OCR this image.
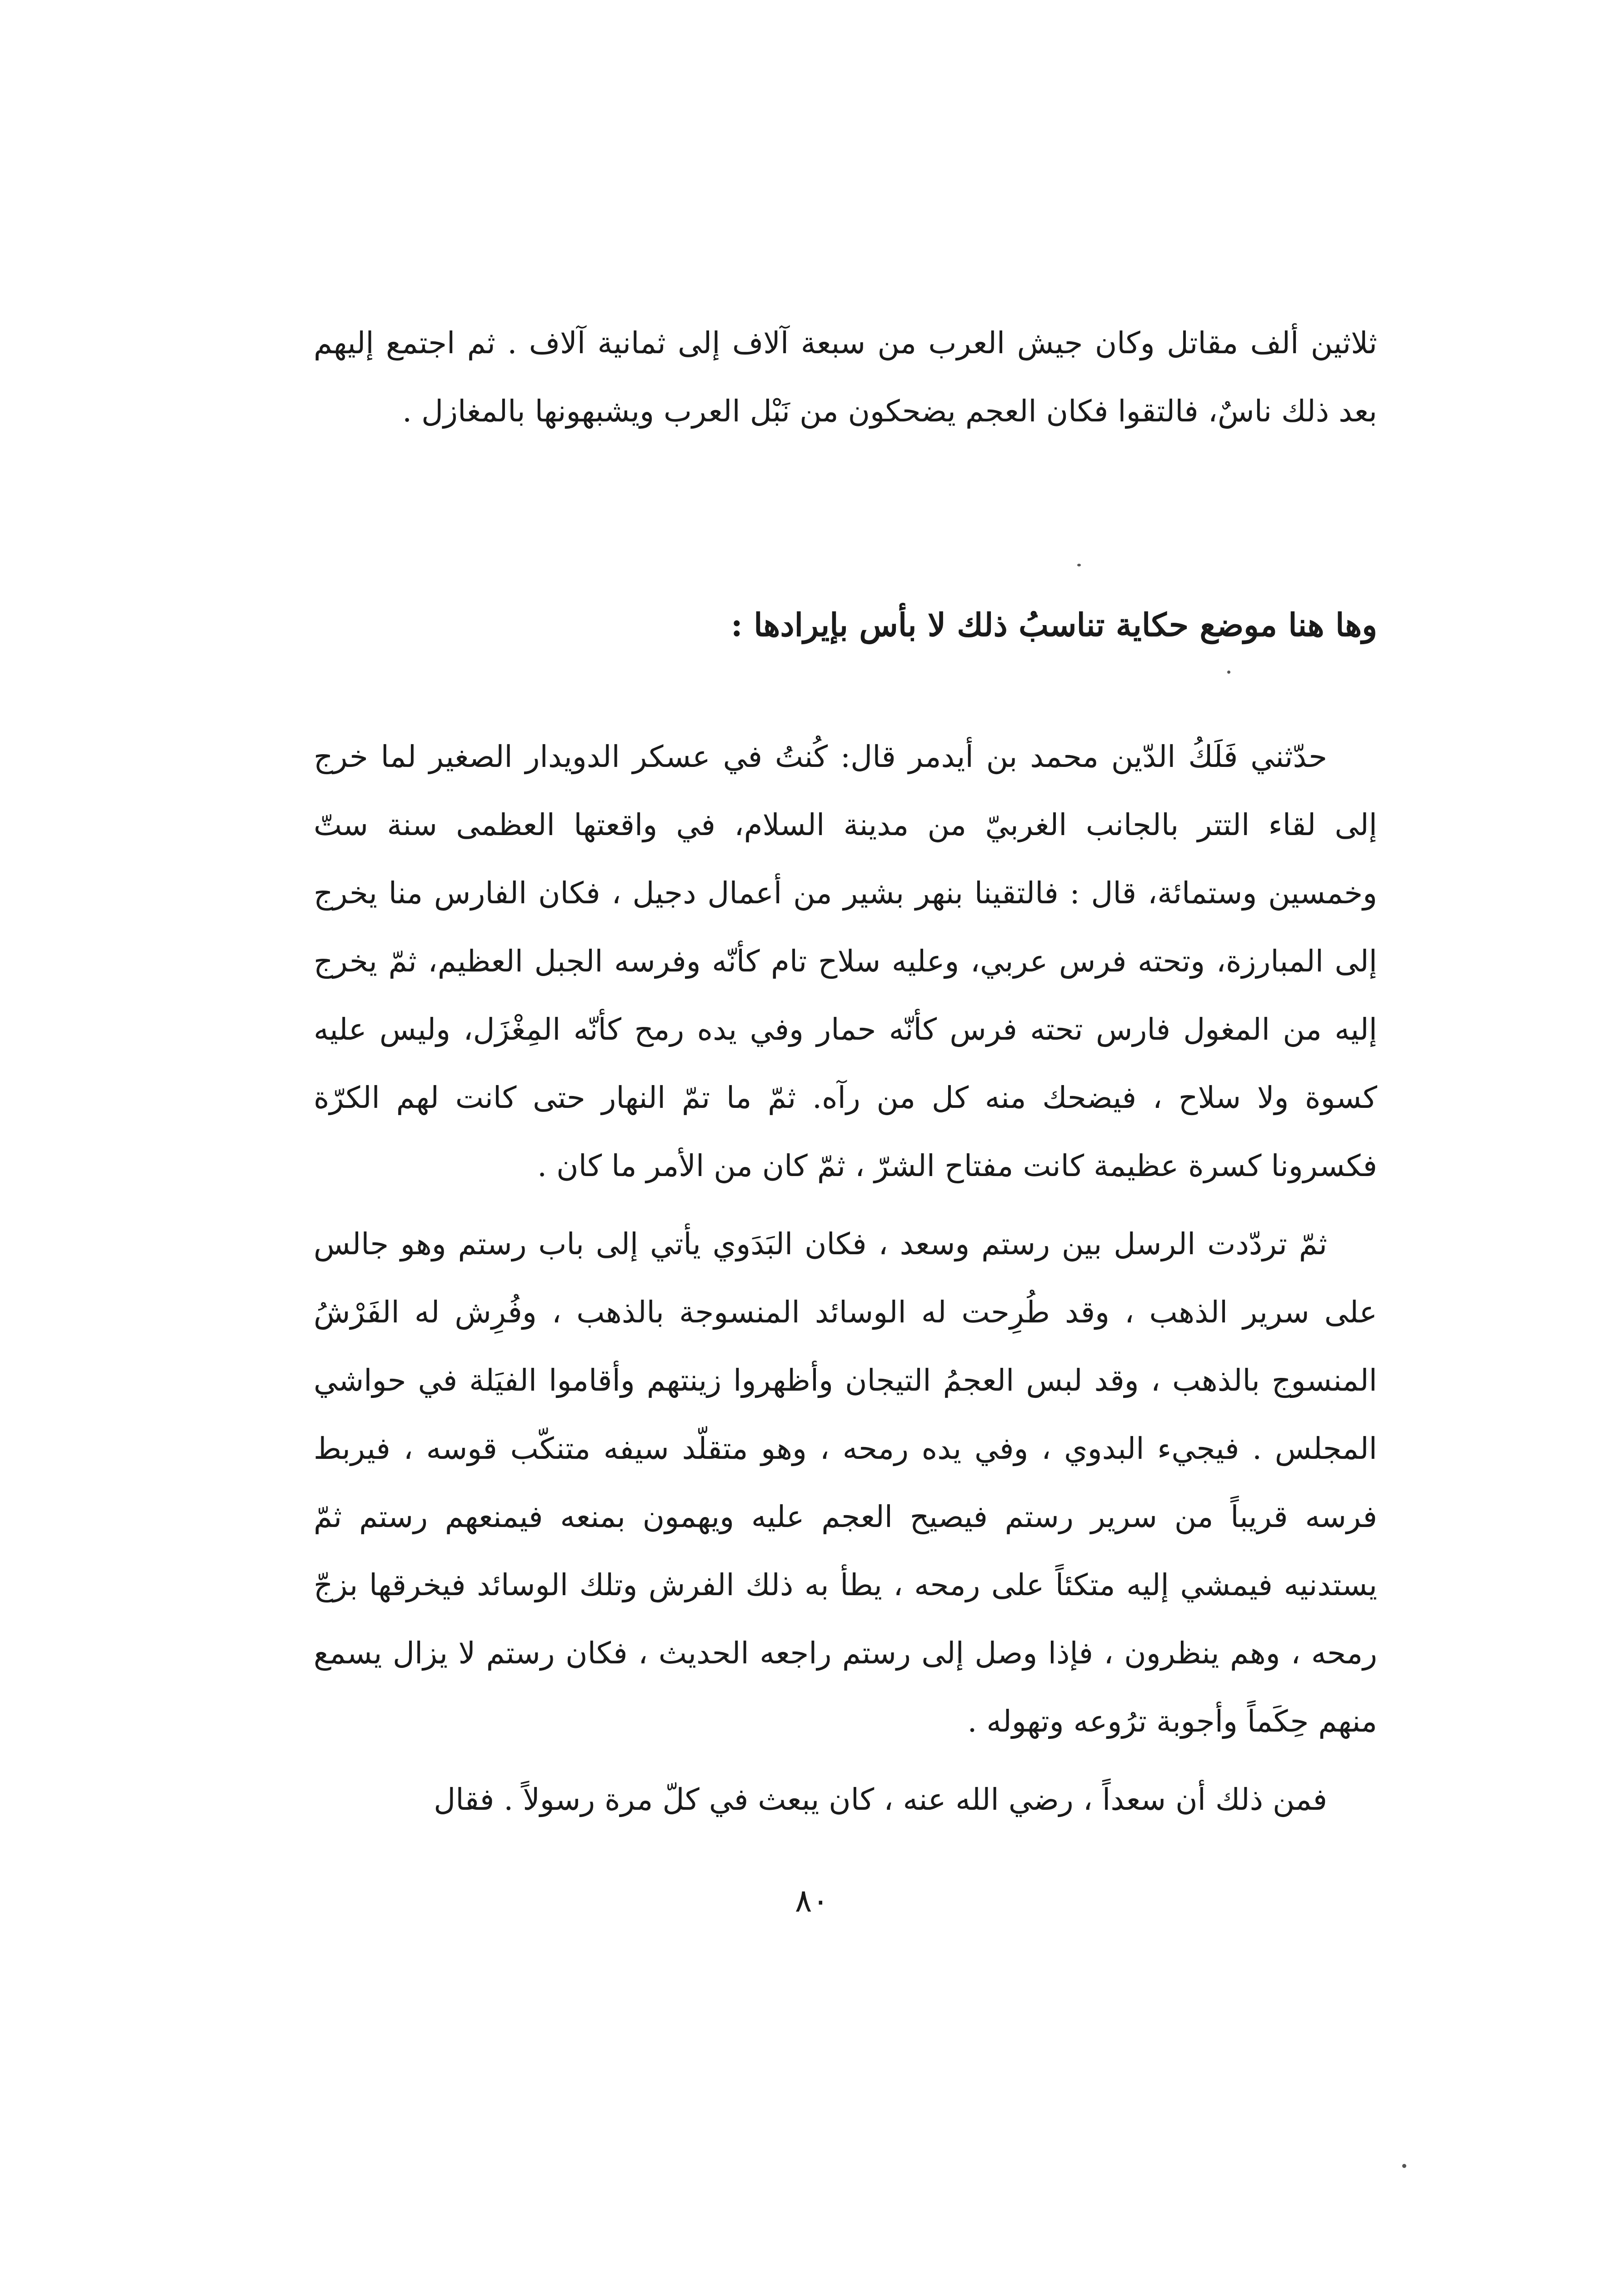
ثلاثين ألف مقاتل وكان جيش العرب من سبعة آلاف إلى ثمانية آلاف . ثم اجتمع إليهم بعد ذلك ناسٌ، فالتقوا فكان العجم يضحكون من نَبْل العرب ويشبهونها بالمغازل .

وها هنا موضع حكاية تناسبُ ذلك لا بأس بإيرادها :

حدّثني فَلَكُ الدّين محمد بن أيدمر قال: كُنتُ في عسكر الدويدار الصغير لما خرج إلى لقاء التتر بالجانب الغربيّ من مدينة السلام، في واقعتها العظمى سنة ستّ وخمسين وستمائة، قال : فالتقينا بنهر بشير من أعمال دجيل ، فكان الفارس منا يخرج إلى المبارزة، وتحته فرس عربي، وعليه سلاح تام كأنّه وفرسه الجبل العظيم، ثمّ يخرج إليه من المغول فارس تحته فرس كأنّه حمار وفي يده رمح كأنّه المِغْزَل، وليس عليه كسوة ولا سلاح ، فيضحك منه كل من رآه. ثمّ ما تمّ النهار حتى كانت لهم الكرّة فكسرونا كسرة عظيمة كانت مفتاح الشرّ ، ثمّ كان من الأمر ما كان .

ثمّ تردّدت الرسل بين رستم وسعد ، فكان البَدَوي يأتي إلى باب رستم وهو جالس على سرير الذهب ، وقد طُرِحت له الوسائد المنسوجة بالذهب ، وفُرِش له الفَرْشُ المنسوج بالذهب ، وقد لبس العجمُ التيجان وأظهروا زينتهم وأقاموا الفيَلة في حواشي المجلس . فيجيء البدوي ، وفي يده رمحه ، وهو متقلّد سيفه متنكّب قوسه ، فيربط فرسه قريباً من سرير رستم فيصيح العجم عليه ويهمون بمنعه فيمنعهم رستم ثمّ يستدنيه فيمشي إليه متكئاً على رمحه ، يطأ به ذلك الفرش وتلك الوسائد فيخرقها بزجّ رمحه ، وهم ينظرون ، فإذا وصل إلى رستم راجعه الحديث ، فكان رستم لا يزال يسمع منهم حِكَماً وأجوبة ترُوعه وتهوله .

فمن ذلك أن سعداً ، رضي الله عنه ، كان يبعث في كلّ مرة رسولاً . فقال

٨٠
